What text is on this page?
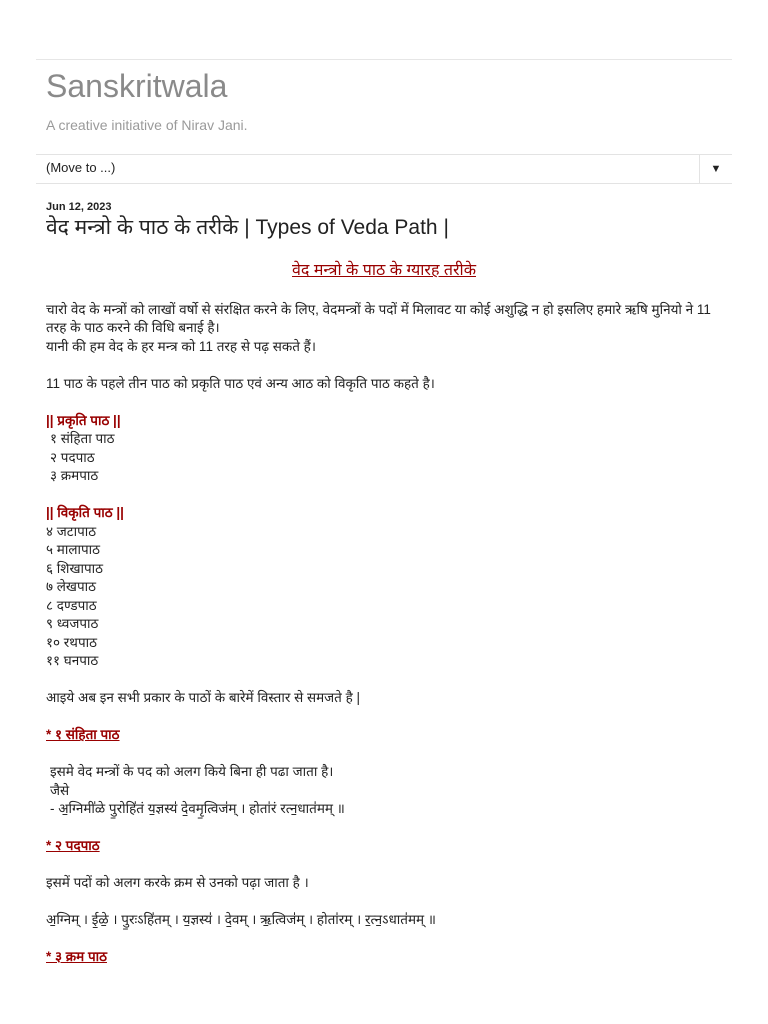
Sanskritwala
A creative initiative of Nirav Jani.
(Move to ...)	▼
Jun 12, 2023
वेद मन्त्रो के पाठ के तरीके | Types of Veda Path |
वेद मन्त्रो के पाठ के ग्यारह तरीके

चारो वेद के मन्त्रों को लाखों वर्षो से संरक्षित करने के लिए, वेदमन्त्रों के पदों में मिलावट या कोई अशुद्धि न हो इसलिए हमारे ऋषि मुनियो ने 11 तरह के पाठ करने की विधि बनाई है।

यानी की हम वेद के हर मन्त्र को 11 तरह से पढ़ सकते हैं।

11 पाठ के पहले तीन पाठ को प्रकृति पाठ एवं अन्य आठ को विकृति पाठ कहते है।

|| प्रकृति पाठ ||

१ संहिता पाठ

२ पदपाठ

३ क्रमपाठ

|| विकृति पाठ ||

४ जटापाठ

५ मालापाठ

६ शिखापाठ

७ लेखपाठ

८ दण्डपाठ

९ ध्वजपाठ

१० रथपाठ

११ घनपाठ

आइये अब इन सभी प्रकार के पाठों के बारेमें विस्तार से समजते है |

* १ संहिता पाठ

इसमे वेद मन्त्रों के पद को अलग किये बिना ही पढा जाता है।

जैसे

- अ॒ग्निमी॑ळे पु॒रोहि॑तं य॒ज्ञस्य॑ दे॒वमृ॒त्विज॑म् । होता॑रं रत्न॒धात॑मम् ॥

* २ पदपाठ

इसमें पदों को अलग करके क्रम से उनको पढ़ा जाता है ।

अ॒ग्निम् । ई॒ळे॒ । पु॒रःऽहि॑तम् । य॒ज्ञस्य॑ । दे॒वम् । ऋ॒त्विज॑म् । होता॑रम् । र॒त्न॒ऽधात॑मम् ॥

* ३ क्रम पाठ
